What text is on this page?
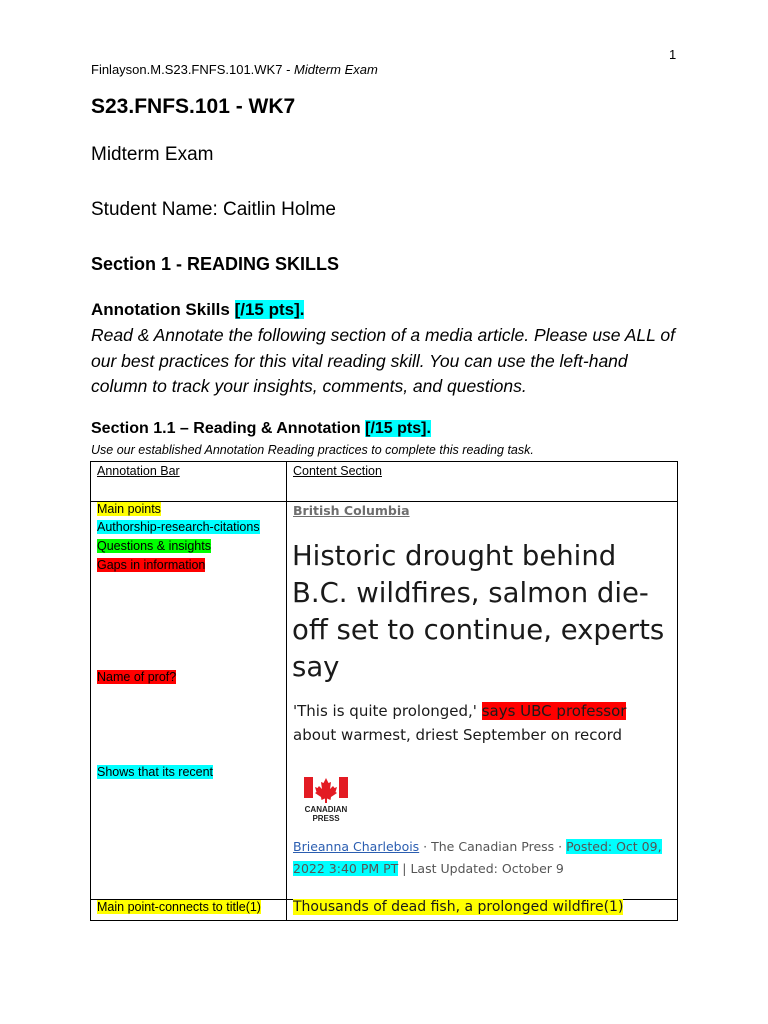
1
Finlayson.M.S23.FNFS.101.WK7 - Midterm Exam
S23.FNFS.101 - WK7
Midterm Exam
Student Name: Caitlin Holme
Section 1 - READING SKILLS
Annotation Skills [/15 pts].
Read & Annotate the following section of a media article. Please use ALL of our best practices for this vital reading skill. You can use the left-hand column to track your insights, comments, and questions.
Section 1.1 – Reading & Annotation [/15 pts].
Use our established Annotation Reading practices to complete this reading task.
Annotation Bar	Content Section
Main points
Authorship-research-citations
Questions & insights
Gaps in information
Name of prof?
Shows that its recent
Main point-connects to title(1)
British Columbia
Historic drought behind B.C. wildfires, salmon die-off set to continue, experts say
'This is quite prolonged,' says UBC professor about warmest, driest September on record
CANADIAN
PRESS
Brieanna Charlebois · The Canadian Press · Posted: Oct 09, 2022 3:40 PM PT | Last Updated: October 9
Thousands of dead fish, a prolonged wildfire(1)
